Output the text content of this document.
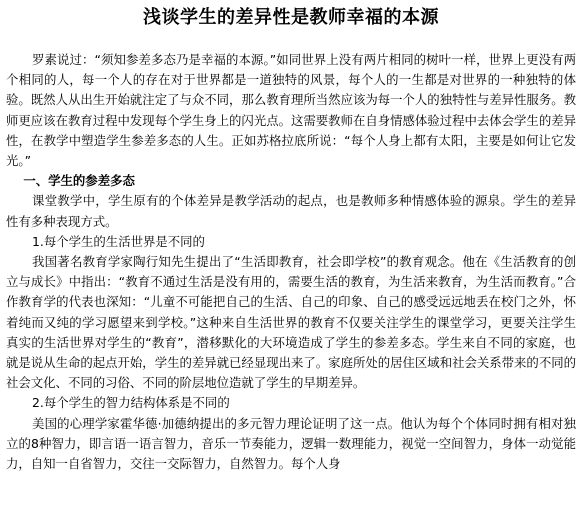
浅谈学生的差异性是教师幸福的本源

罗素说过：“须知参差多态乃是幸福的本源。”如同世界上没有两片相同的树叶一样，世界上更没有两个相同的人，每一个人的存在对于世界都是一道独特的风景，每个人的一生都是对世界的一种独特的体验。既然人从出生开始就注定了与众不同，那么教育理所当然应该为每一个人的独特性与差异性服务。教师更应该在教育过程中发现每个学生身上的闪光点。这需要教师在自身情感体验过程中去体会学生的差异性，在教学中塑造学生参差多态的人生。正如苏格拉底所说：“每个人身上都有太阳，主要是如何让它发光。”

一、学生的参差多态

课堂教学中，学生原有的个体差异是教学活动的起点，也是教师多种情感体验的源泉。学生的差异性有多种表现方式。

1.每个学生的生活世界是不同的

我国著名教育学家陶行知先生提出了“生活即教育，社会即学校”的教育观念。他在《生活教育的创立与成长》中指出：“教育不通过生活是没有用的，需要生活的教育，为生活来教育，为生活而教育。”合作教育学的代表也深知：“儿童不可能把自己的生活、自己的印象、自己的感受远远地丢在校门之外，怀着纯而又纯的学习愿望来到学校。”这种来自生活世界的教育不仅要关注学生的课堂学习，更要关注学生真实的生活世界对学生的“教育”，潜移默化的大环境造成了学生的参差多态。学生来自不同的家庭，也就是说从生命的起点开始，学生的差异就已经显现出来了。家庭所处的居住区域和社会关系带来的不同的社会文化、不同的习俗、不同的阶层地位造就了学生的早期差异。

2.每个学生的智力结构体系是不同的

美国的心理学家霍华德·加德纳提出的多元智力理论证明了这一点。他认为每个个体同时拥有相对独立的8种智力，即言语一语言智力，音乐一节奏能力，逻辑一数理能力，视觉一空间智力，身体一动觉能力，自知一自省智力，交往一交际智力，自然智力。每个人身
